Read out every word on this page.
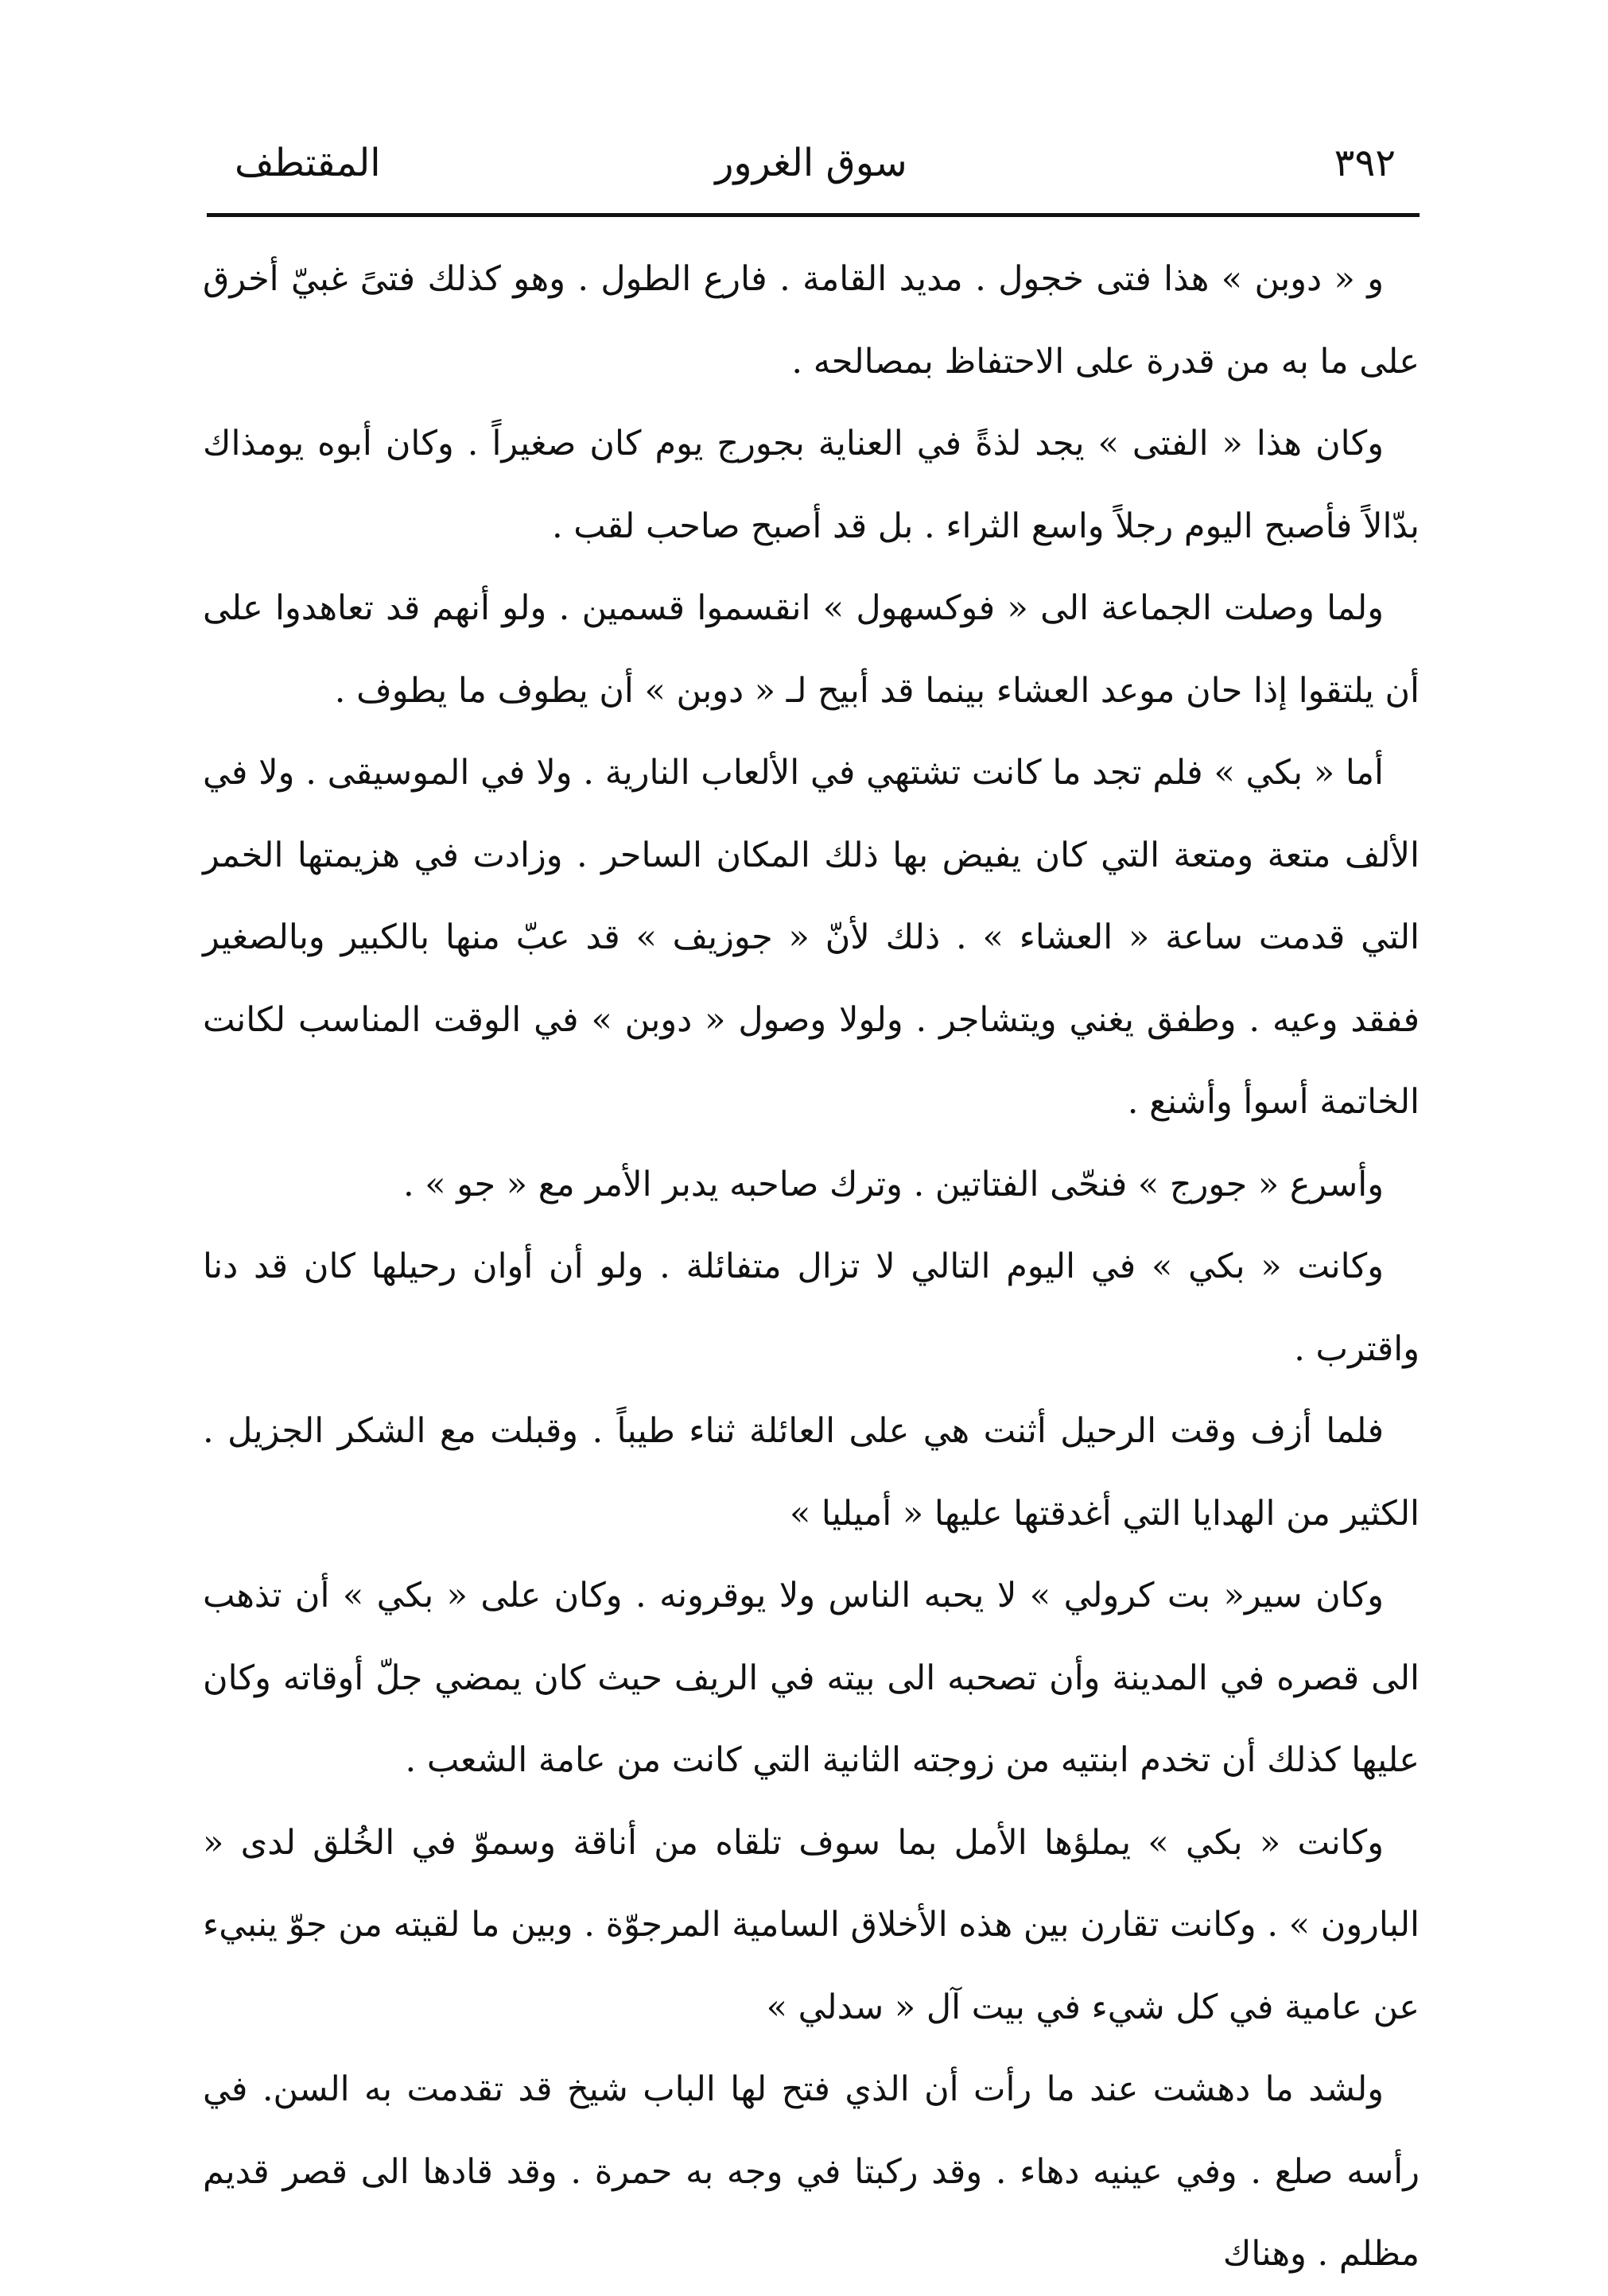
المقتطف	سوق الغرور	٣٩٢

و « دوبن » هذا فتى خجول . مديد القامة . فارع الطول . وهو كذلك فتىً غبيّ أخرق على ما به من قدرة على الاحتفاظ بمصالحه .

وكان هذا « الفتى » يجد لذةً في العناية بجورج يوم كان صغيراً . وكان أبوه يومذاك بدّالاً فأصبح اليوم رجلاً واسع الثراء . بل قد أصبح صاحب لقب .

ولما وصلت الجماعة الى « فوكسهول » انقسموا قسمين . ولو أنهم قد تعاهدوا على أن يلتقوا إذا حان موعد العشاء بينما قد أبيح لـ « دوبن » أن يطوف ما يطوف .

أما « بكي » فلم تجد ما كانت تشتهي في الألعاب النارية . ولا في الموسيقى . ولا في الألف متعة ومتعة التي كان يفيض بها ذلك المكان الساحر . وزادت في هزيمتها الخمر التي قدمت ساعة « العشاء » . ذلك لأنّ « جوزيف » قد عبّ منها بالكبير وبالصغير ففقد وعيه . وطفق يغني ويتشاجر . ولولا وصول « دوبن » في الوقت المناسب لكانت الخاتمة أسوأ وأشنع .

وأسرع « جورج » فنحّى الفتاتين . وترك صاحبه يدبر الأمر مع « جو » .

وكانت « بكي » في اليوم التالي لا تزال متفائلة . ولو أن أوان رحيلها كان قد دنا واقترب .

فلما أزف وقت الرحيل أثنت هي على العائلة ثناء طيباً . وقبلت مع الشكر الجزيل . الكثير من الهدايا التي أغدقتها عليها « أميليا »

وكان سير« بت كرولي » لا يحبه الناس ولا يوقرونه . وكان على « بكي » أن تذهب الى قصره في المدينة وأن تصحبه الى بيته في الريف حيث كان يمضي جلّ أوقاته وكان عليها كذلك أن تخدم ابنتيه من زوجته الثانية التي كانت من عامة الشعب .

وكانت « بكي » يملؤها الأمل بما سوف تلقاه من أناقة وسموّ في الخُلق لدى « البارون » . وكانت تقارن بين هذه الأخلاق السامية المرجوّة . وبين ما لقيته من جوّ ينبيء عن عامية في كل شيء في بيت آل « سدلي »

ولشد ما دهشت عند ما رأت أن الذي فتح لها الباب شيخ قد تقدمت به السن. في رأسه صلع . وفي عينيه دهاء . وقد ركبتا في وجه به حمرة . وقد قادها الى قصر قديم مظلم . وهناك
